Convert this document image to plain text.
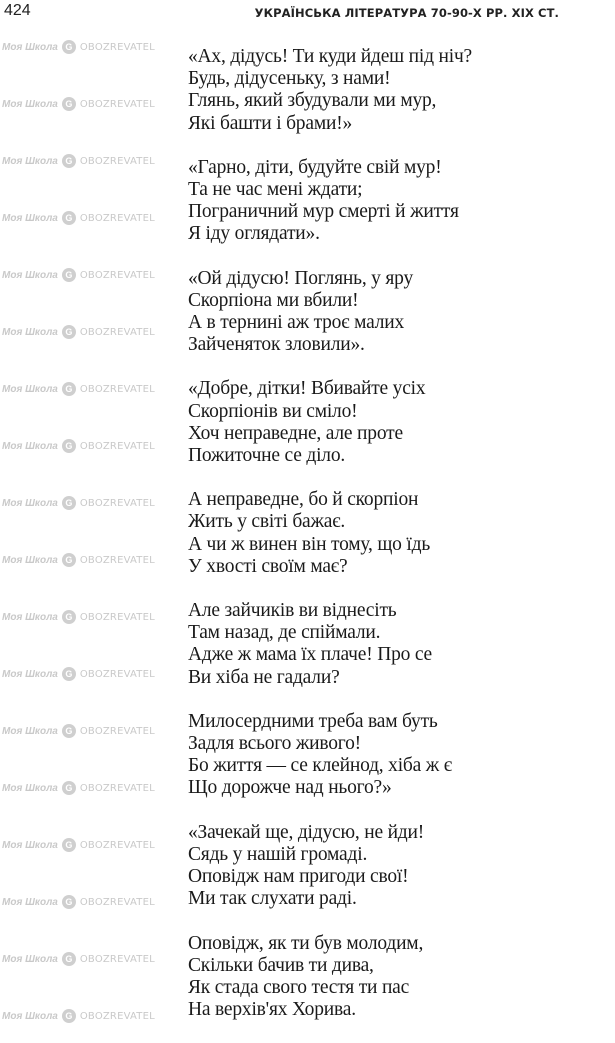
Моя Школа G OBOZREVATEL
Моя Школа G OBOZREVATEL
Моя Школа G OBOZREVATEL
Моя Школа G OBOZREVATEL
Моя Школа G OBOZREVATEL
Моя Школа G OBOZREVATEL
Моя Школа G OBOZREVATEL
Моя Школа G OBOZREVATEL
Моя Школа G OBOZREVATEL
Моя Школа G OBOZREVATEL
Моя Школа G OBOZREVATEL
Моя Школа G OBOZREVATEL
Моя Школа G OBOZREVATEL
Моя Школа G OBOZREVATEL
Моя Школа G OBOZREVATEL
Моя Школа G OBOZREVATEL
Моя Школа G OBOZREVATEL
Моя Школа G OBOZREVATEL
424	УКРАЇНСЬКА ЛІТЕРАТУРА 70-90-Х РР. XIX СТ.
«Ах, дідусь! Ти куди йдеш під ніч?
Будь, дідусеньку, з нами!
Глянь, який збудували ми мур,
Які башти і брами!»
«Гарно, діти, будуйте свій мур!
Та не час мені ждати;
Пограничний мур смерті й життя
Я іду оглядати».
«Ой дідусю! Поглянь, у яру
Скорпіона ми вбили!
А в тернині аж троє малих
Зайченяток зловили».
«Добре, дітки! Вбивайте усіх
Скорпіонів ви сміло!
Хоч неправедне, але проте
Пожиточне се діло.
А неправедне, бо й скорпіон
Жить у світі бажає.
А чи ж винен він тому, що їдь
У хвості своїм має?
Але зайчиків ви віднесіть
Там назад, де спіймали.
Адже ж мама їх плаче! Про се
Ви хіба не гадали?
Милосердними треба вам буть
Задля всього живого!
Бо життя — се клейнод, хіба ж є
Що дорожче над нього?»
«Зачекай ще, дідусю, не йди!
Сядь у нашій громаді.
Оповідж нам пригоди свої!
Ми так слухати раді.
Оповідж, як ти був молодим,
Скільки бачив ти дива,
Як стада свого тестя ти пас
На верхів'ях Хорива.
